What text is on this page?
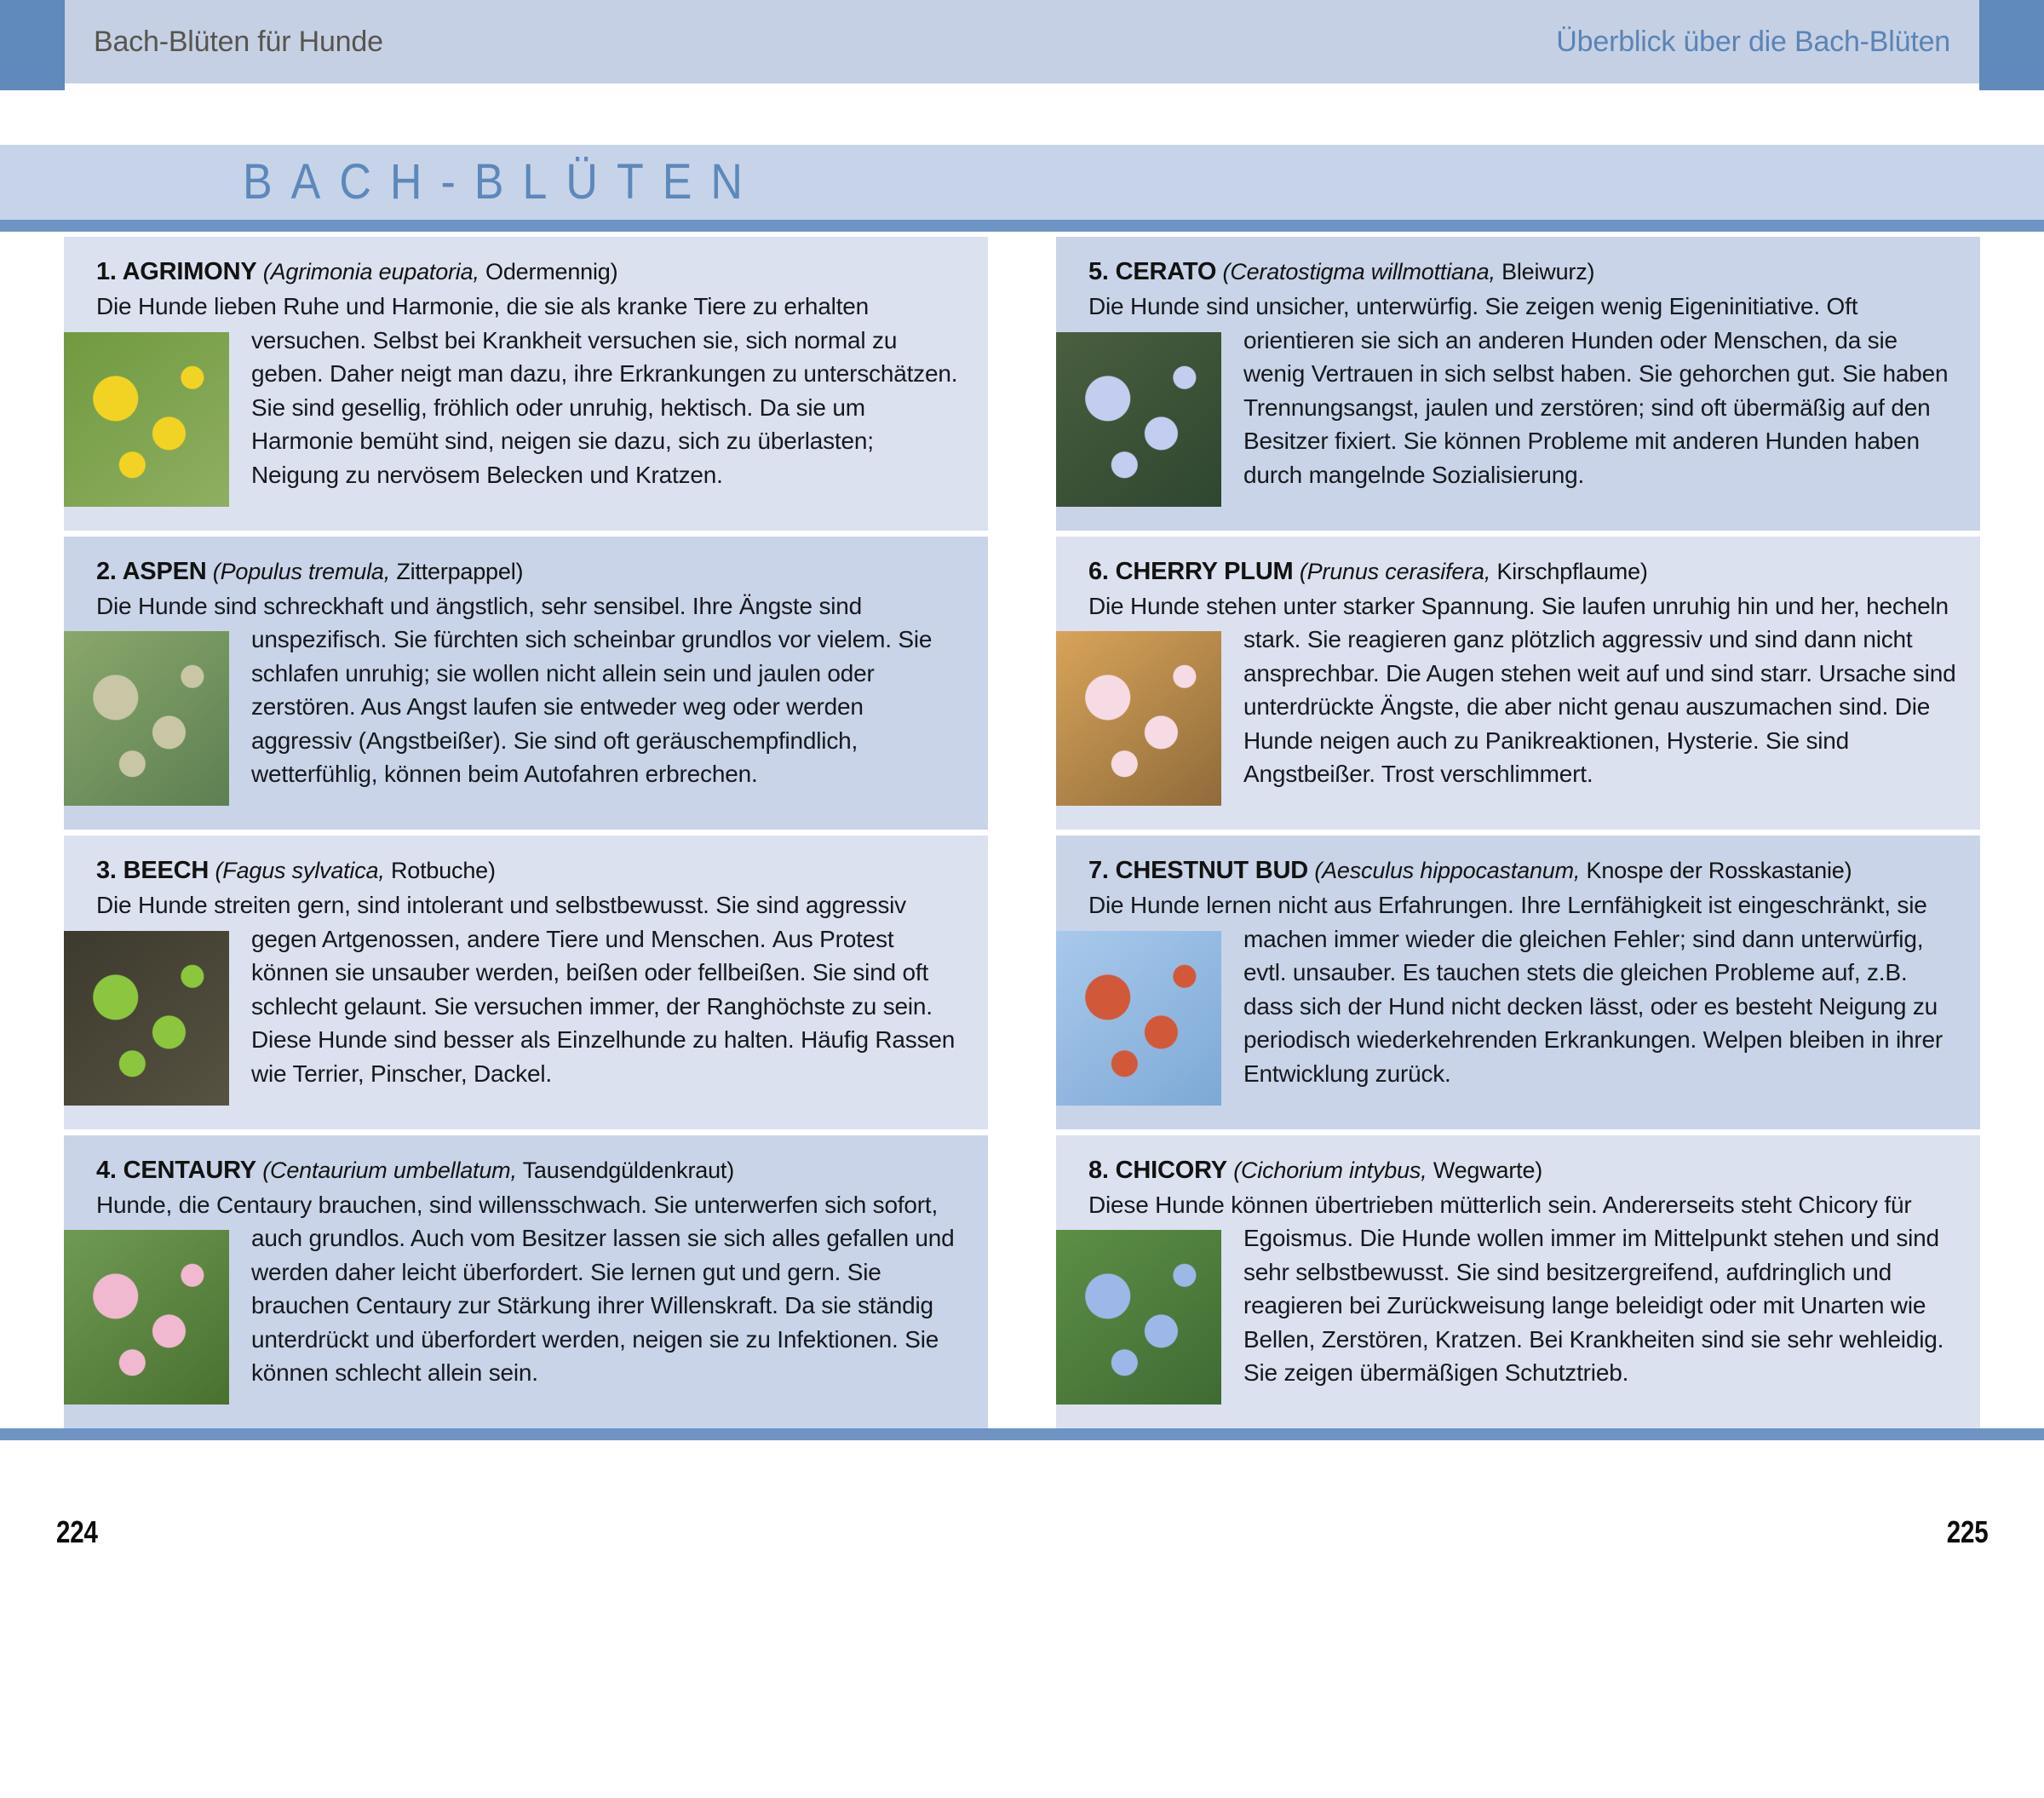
Bach-Blüten für Hunde	Überblick über die Bach-Blüten
BACH-BLÜTEN
1. AGRIMONY (Agrimonia eupatoria, Odermennig)

Die Hunde lieben Ruhe und Harmonie, die sie als kranke Tiere zu erhalten versuchen. Selbst bei Krankheit versuchen sie, sich normal zu geben. Daher neigt man dazu, ihre Erkrankungen zu unterschätzen. Sie sind gesellig, fröhlich oder unruhig, hektisch. Da sie um Harmonie bemüht sind, neigen sie dazu, sich zu überlasten; Neigung zu nervösem Belecken und Kratzen.

2. ASPEN (Populus tremula, Zitterpappel)

Die Hunde sind schreckhaft und ängstlich, sehr sensibel. Ihre Ängste sind unspezifisch. Sie fürchten sich scheinbar grundlos vor vielem. Sie schlafen unruhig; sie wollen nicht allein sein und jaulen oder zerstören. Aus Angst laufen sie entweder weg oder werden aggressiv (Angstbeißer). Sie sind oft geräuschempfindlich, wetterfühlig, können beim Autofahren erbrechen.

3. BEECH (Fagus sylvatica, Rotbuche)

Die Hunde streiten gern, sind intolerant und selbstbewusst. Sie sind aggressiv gegen Artgenossen, andere Tiere und Menschen. Aus Protest können sie unsauber werden, beißen oder fellbeißen. Sie sind oft schlecht gelaunt. Sie versuchen immer, der Ranghöchste zu sein. Diese Hunde sind besser als Einzelhunde zu halten. Häufig Rassen wie Terrier, Pinscher, Dackel.

4. CENTAURY (Centaurium umbellatum, Tausendgüldenkraut)

Hunde, die Centaury brauchen, sind willensschwach. Sie unterwerfen sich sofort, auch grundlos. Auch vom Besitzer lassen sie sich alles gefallen und werden daher leicht überfordert. Sie lernen gut und gern. Sie brauchen Centaury zur Stärkung ihrer Willenskraft. Da sie ständig unterdrückt und überfordert werden, neigen sie zu Infektionen. Sie können schlecht allein sein.

5. CERATO (Ceratostigma willmottiana, Bleiwurz)

Die Hunde sind unsicher, unterwürfig. Sie zeigen wenig Eigeninitiative. Oft orientieren sie sich an anderen Hunden oder Menschen, da sie wenig Vertrauen in sich selbst haben. Sie gehorchen gut. Sie haben Trennungsangst, jaulen und zerstören; sind oft übermäßig auf den Besitzer fixiert. Sie können Probleme mit anderen Hunden haben durch mangelnde Sozialisierung.

6. CHERRY PLUM (Prunus cerasifera, Kirschpflaume)

Die Hunde stehen unter starker Spannung. Sie laufen unruhig hin und her, hecheln stark. Sie reagieren ganz plötzlich aggressiv und sind dann nicht ansprechbar. Die Augen stehen weit auf und sind starr. Ursache sind unterdrückte Ängste, die aber nicht genau auszumachen sind. Die Hunde neigen auch zu Panikreaktionen, Hysterie. Sie sind Angstbeißer. Trost verschlimmert.

7. CHESTNUT BUD (Aesculus hippocastanum, Knospe der Rosskastanie)

Die Hunde lernen nicht aus Erfahrungen. Ihre Lernfähigkeit ist eingeschränkt, sie machen immer wieder die gleichen Fehler; sind dann unterwürfig, evtl. unsauber. Es tauchen stets die gleichen Probleme auf, z.B. dass sich der Hund nicht decken lässt, oder es besteht Neigung zu periodisch wiederkehrenden Erkrankungen. Welpen bleiben in ihrer Entwicklung zurück.

8. CHICORY (Cichorium intybus, Wegwarte)

Diese Hunde können übertrieben mütterlich sein. Andererseits steht Chicory für Egoismus. Die Hunde wollen immer im Mittelpunkt stehen und sind sehr selbstbewusst. Sie sind besitzergreifend, aufdringlich und reagieren bei Zurückweisung lange beleidigt oder mit Unarten wie Bellen, Zerstören, Kratzen. Bei Krankheiten sind sie sehr wehleidig. Sie zeigen übermäßigen Schutztrieb.

224	225
